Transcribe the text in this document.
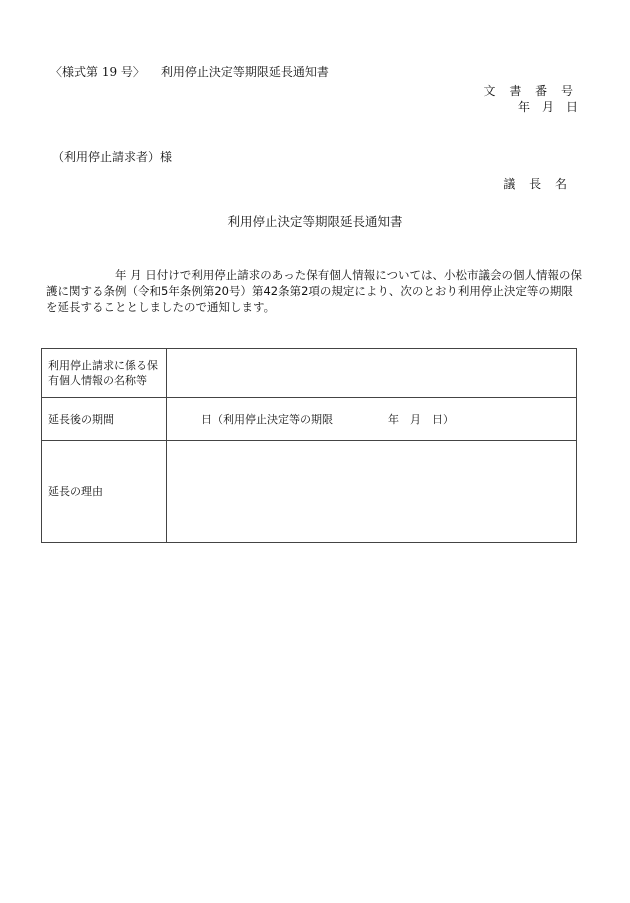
〈様式第 19 号〉 利用停止決定等期限延長通知書
文 書 番 号
年　月　日
（利用停止請求者）様
議 長 名
利用停止決定等期限延長通知書

　　　　　　年 月 日付けで利用停止請求のあった保有個人情報については、小松市議会の個人情報の保

護に関する条例（令和5年条例第20号）第42条第2項の規定により、次のとおり利用停止決定等の期限

を延長することとしましたので通知します。

利用停止請求に係る保有個人情報の名称等	
延長後の期間	日（利用停止決定等の期限　　　　　年　月　日）
延長の理由	
